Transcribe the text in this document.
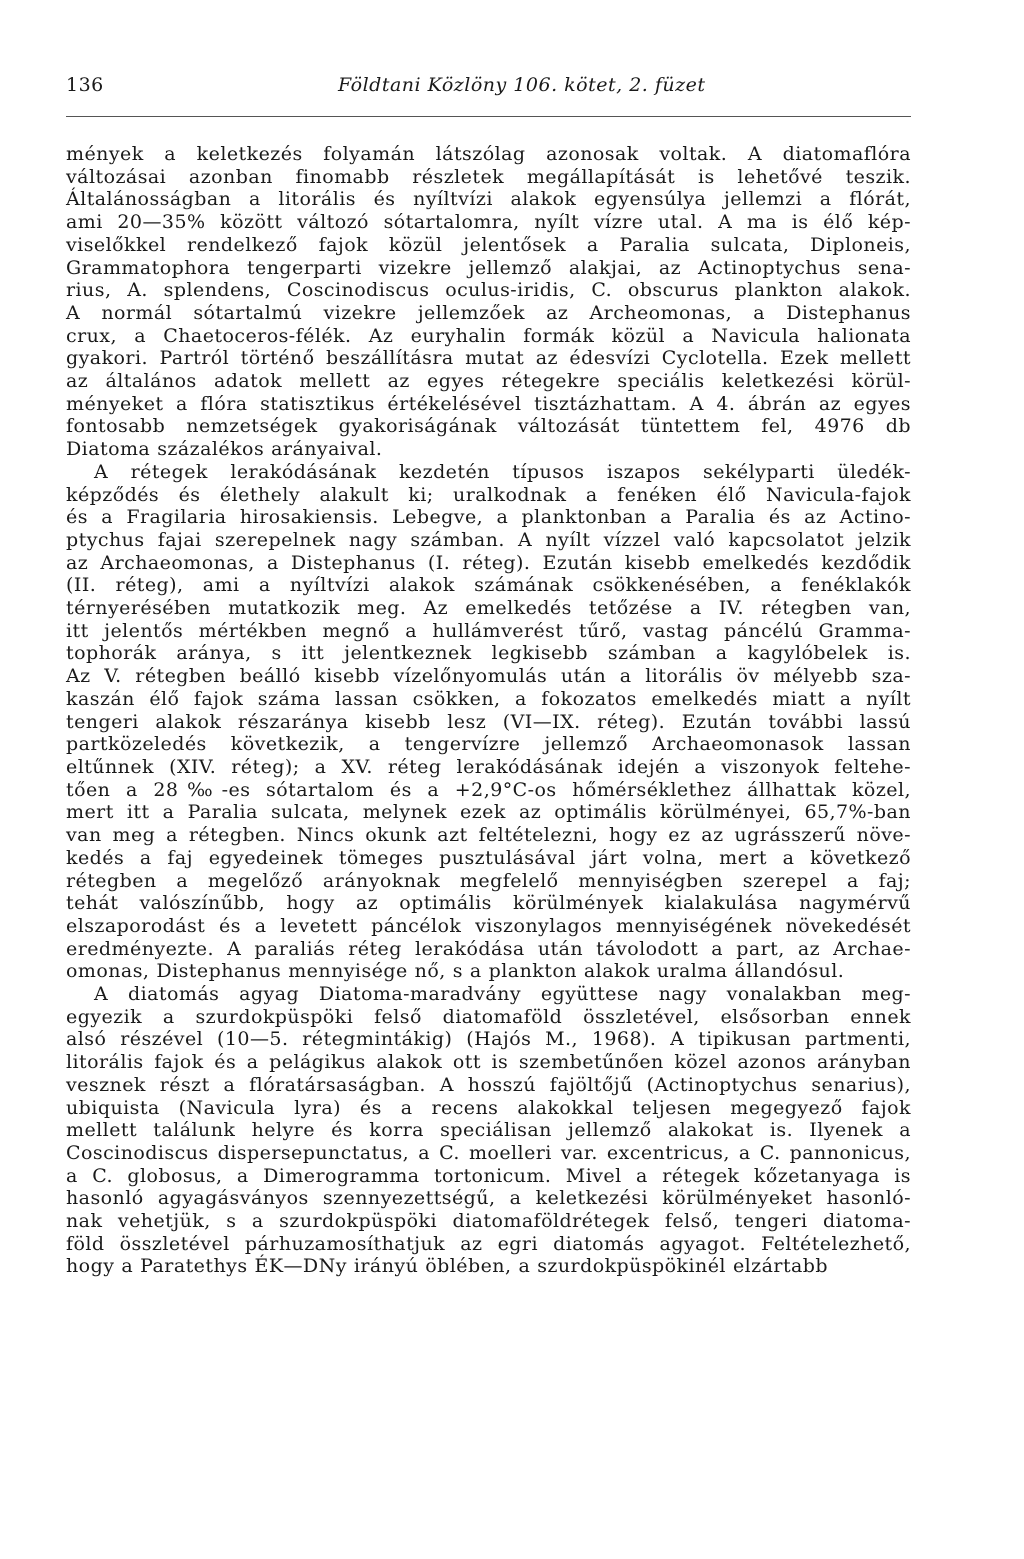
136	Földtani Közlöny 106. kötet, 2. füzet

mények a keletkezés folyamán látszólag azonosak voltak. A diatomaflóra

változásai azonban finomabb részletek megállapítását is lehetővé teszik.

Általánosságban a litorális és nyíltvízi alakok egyensúlya jellemzi a flórát,

ami 20—35% között változó sótartalomra, nyílt vízre utal. A ma is élő kép-

viselőkkel rendelkező fajok közül jelentősek a Paralia sulcata, Diploneis,

Grammatophora tengerparti vizekre jellemző alakjai, az Actinoptychus sena-

rius, A. splendens, Coscinodiscus oculus-iridis, C. obscurus plankton alakok.

A normál sótartalmú vizekre jellemzőek az Archeomonas, a Distephanus

crux, a Chaetoceros-félék. Az euryhalin formák közül a Navicula halionata

gyakori. Partról történő beszállításra mutat az édesvízi Cyclotella. Ezek mellett

az általános adatok mellett az egyes rétegekre speciális keletkezési körül-

ményeket a flóra statisztikus értékelésével tisztázhattam. A 4. ábrán az egyes

fontosabb nemzetségek gyakoriságának változását tüntettem fel, 4976 db

Diatoma százalékos arányaival.

A rétegek lerakódásának kezdetén típusos iszapos sekélyparti üledék-

képződés és élethely alakult ki; uralkodnak a fenéken élő Navicula-fajok

és a Fragilaria hirosakiensis. Lebegve, a planktonban a Paralia és az Actino-

ptychus fajai szerepelnek nagy számban. A nyílt vízzel való kapcsolatot jelzik

az Archaeomonas, a Distephanus (I. réteg). Ezután kisebb emelkedés kezdődik

(II. réteg), ami a nyíltvízi alakok számának csökkenésében, a fenéklakók

térnyerésében mutatkozik meg. Az emelkedés tetőzése a IV. rétegben van,

itt jelentős mértékben megnő a hullámverést tűrő, vastag páncélú Gramma-

tophorák aránya, s itt jelentkeznek legkisebb számban a kagylóbelek is.

Az V. rétegben beálló kisebb vízelőnyomulás után a litorális öv mélyebb sza-

kaszán élő fajok száma lassan csökken, a fokozatos emelkedés miatt a nyílt

tengeri alakok részaránya kisebb lesz (VI—IX. réteg). Ezután további lassú

partközeledés következik, a tengervízre jellemző Archaeomonasok lassan

eltűnnek (XIV. réteg); a XV. réteg lerakódásának idején a viszonyok feltehe-

tően a 28‰-es sótartalom és a +2,9°C-os hőmérséklethez állhattak közel,

mert itt a Paralia sulcata, melynek ezek az optimális körülményei, 65,7%-ban

van meg a rétegben. Nincs okunk azt feltételezni, hogy ez az ugrásszerű növe-

kedés a faj egyedeinek tömeges pusztulásával járt volna, mert a következő

rétegben a megelőző arányoknak megfelelő mennyiségben szerepel a faj;

tehát valószínűbb, hogy az optimális körülmények kialakulása nagymérvű

elszaporodást és a levetett páncélok viszonylagos mennyiségének növekedését

eredményezte. A paraliás réteg lerakódása után távolodott a part, az Archae-

omonas, Distephanus mennyisége nő, s a plankton alakok uralma állandósul.

A diatomás agyag Diatoma-maradvány együttese nagy vonalakban meg-

egyezik a szurdokpüspöki felső diatomaföld összletével, elsősorban ennek

alsó részével (10—5. rétegmintákig) (Hajós M., 1968). A tipikusan partmenti,

litorális fajok és a pelágikus alakok ott is szembetűnően közel azonos arányban

vesznek részt a flóratársaságban. A hosszú fajöltőjű (Actinoptychus senarius),

ubiquista (Navicula lyra) és a recens alakokkal teljesen megegyező fajok

mellett találunk helyre és korra speciálisan jellemző alakokat is. Ilyenek a

Coscinodiscus dispersepunctatus, a C. moelleri var. excentricus, a C. pannonicus,

a C. globosus, a Dimerogramma tortonicum. Mivel a rétegek kőzetanyaga is

hasonló agyagásványos szennyezettségű, a keletkezési körülményeket hasonló-

nak vehetjük, s a szurdokpüspöki diatomaföldrétegek felső, tengeri diatoma-

föld összletével párhuzamosíthatjuk az egri diatomás agyagot. Feltételezhető,

hogy a Paratethys ÉK—DNy irányú öblében, a szurdokpüspökinél elzártabb
